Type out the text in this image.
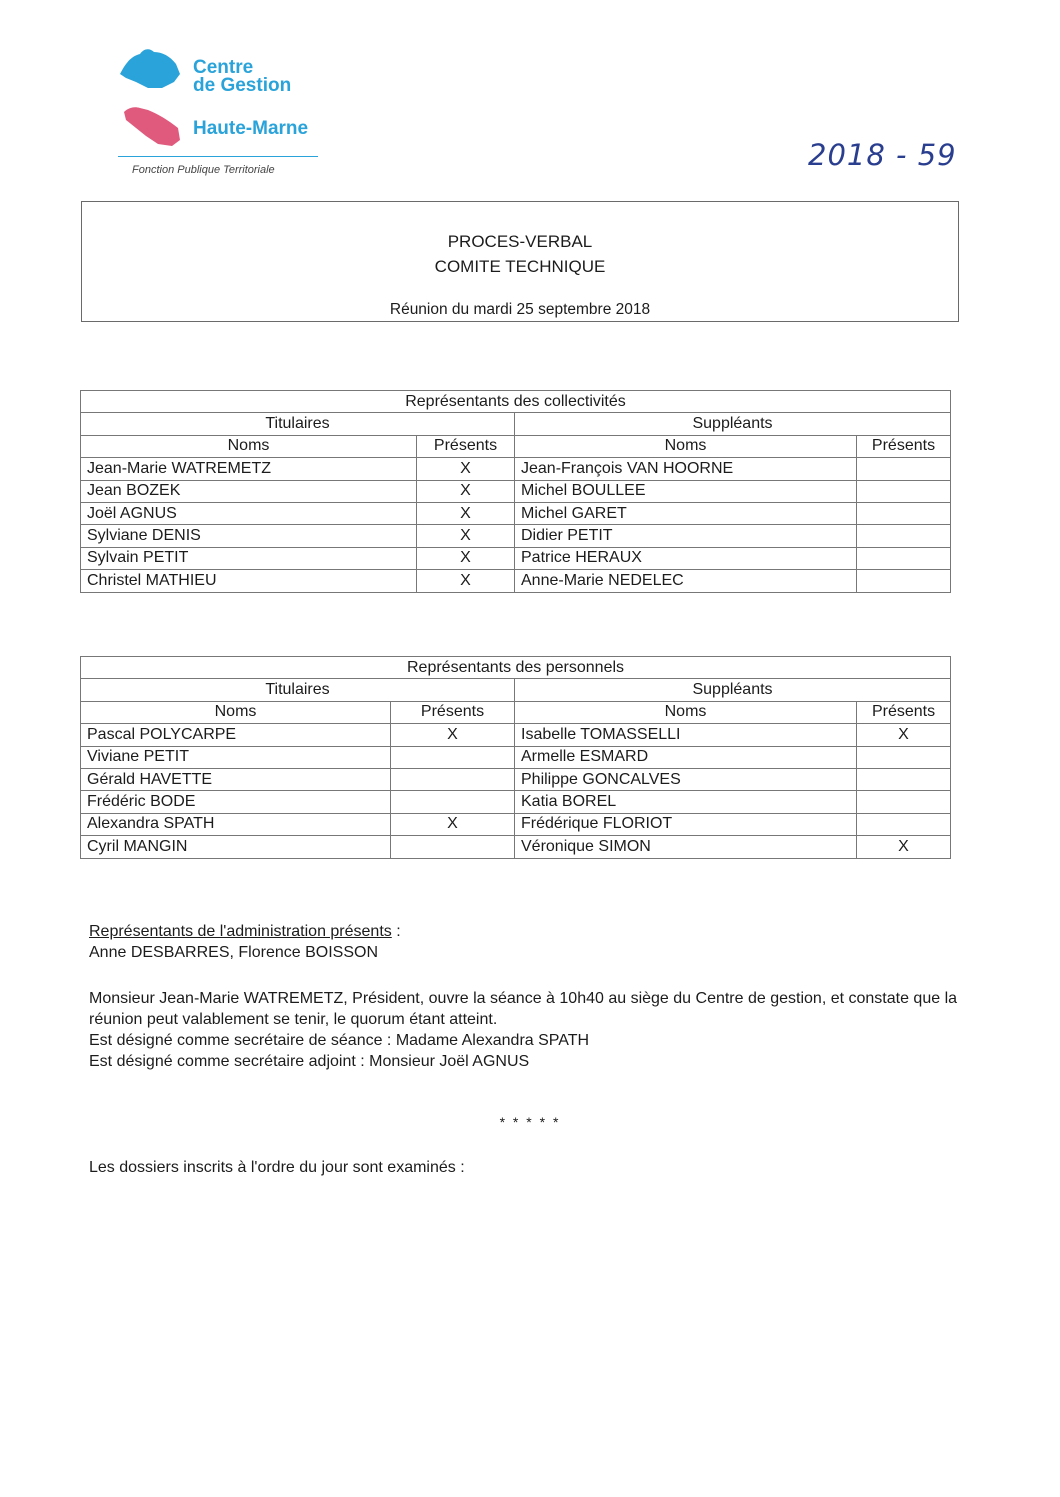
Centre
de Gestion
Haute-Marne
Fonction Publique Territoriale	2018 - 59
PROCES-VERBAL
COMITE TECHNIQUE
Réunion du mardi 25 septembre 2018
Représentants des collectivités			
Titulaires		Suppléants	
Noms	Présents	Noms	Présents
Jean-Marie WATREMETZ	X	Jean-François VAN HOORNE	
Jean BOZEK	X	Michel BOULLEE	
Joël AGNUS	X	Michel GARET	
Sylviane DENIS	X	Didier PETIT	
Sylvain PETIT	X	Patrice HERAUX	
Christel MATHIEU	X	Anne-Marie NEDELEC	
Représentants des personnels			
Titulaires		Suppléants	
Noms	Présents	Noms	Présents
Pascal POLYCARPE	X	Isabelle TOMASSELLI	X
Viviane PETIT		Armelle ESMARD	
Gérald HAVETTE		Philippe GONCALVES	
Frédéric BODE		Katia BOREL	
Alexandra SPATH	X	Frédérique FLORIOT	
Cyril MANGIN		Véronique SIMON	X
Représentants de l'administration présents :
Anne DESBARRES, Florence BOISSON
Monsieur Jean-Marie WATREMETZ, Président, ouvre la séance à 10h40 au siège du Centre de gestion, et constate que la réunion peut valablement se tenir, le quorum étant atteint.
Est désigné comme secrétaire de séance : Madame Alexandra SPATH
Est désigné comme secrétaire adjoint : Monsieur Joël AGNUS
* * * * *
Les dossiers inscrits à l'ordre du jour sont examinés :
